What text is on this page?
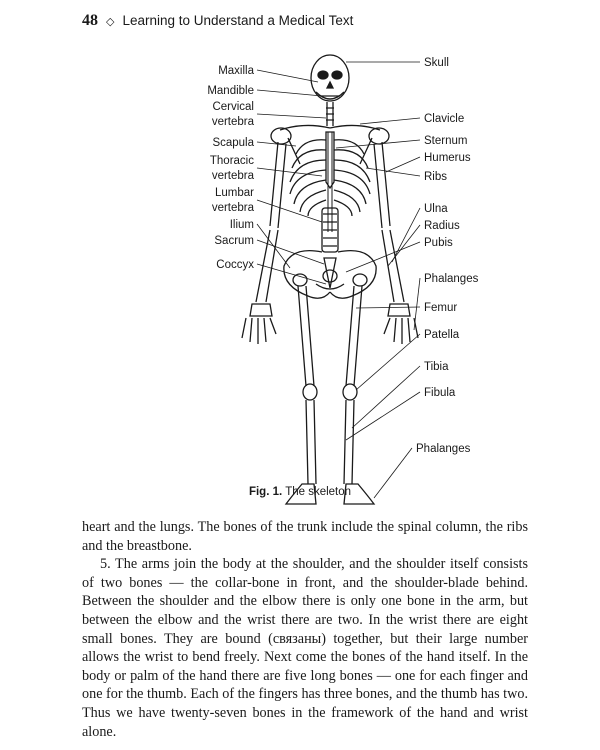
48 ◇ Learning to Understand a Medical Text
Maxilla
Mandible
Cervical
vertebra
Scapula
Thoracic
vertebra
Lumbar
vertebra
Ilium
Sacrum
Coccyx
Skull
Clavicle
Sternum
Humerus
Ribs
Ulna
Radius
Pubis
Phalanges
Femur
Patella
Tibia
Fibula
Phalanges
Fig. 1. The skeleton

heart and the lungs. The bones of the trunk include the spinal column, the ribs and the breastbone.

5. The arms join the body at the shoulder, and the shoulder itself consists of two bones — the collar-bone in front, and the shoulder-blade behind. Between the shoulder and the elbow there is only one bone in the arm, but between the elbow and the wrist there are two. In the wrist there are eight small bones. They are bound (связаны) together, but their large number allows the wrist to bend freely. Next come the bones of the hand itself. In the body or palm of the hand there are five long bones — one for each finger and one for the thumb. Each of the fingers has three bones, and the thumb has two. Thus we have twenty-seven bones in the framework of the hand and wrist alone.
